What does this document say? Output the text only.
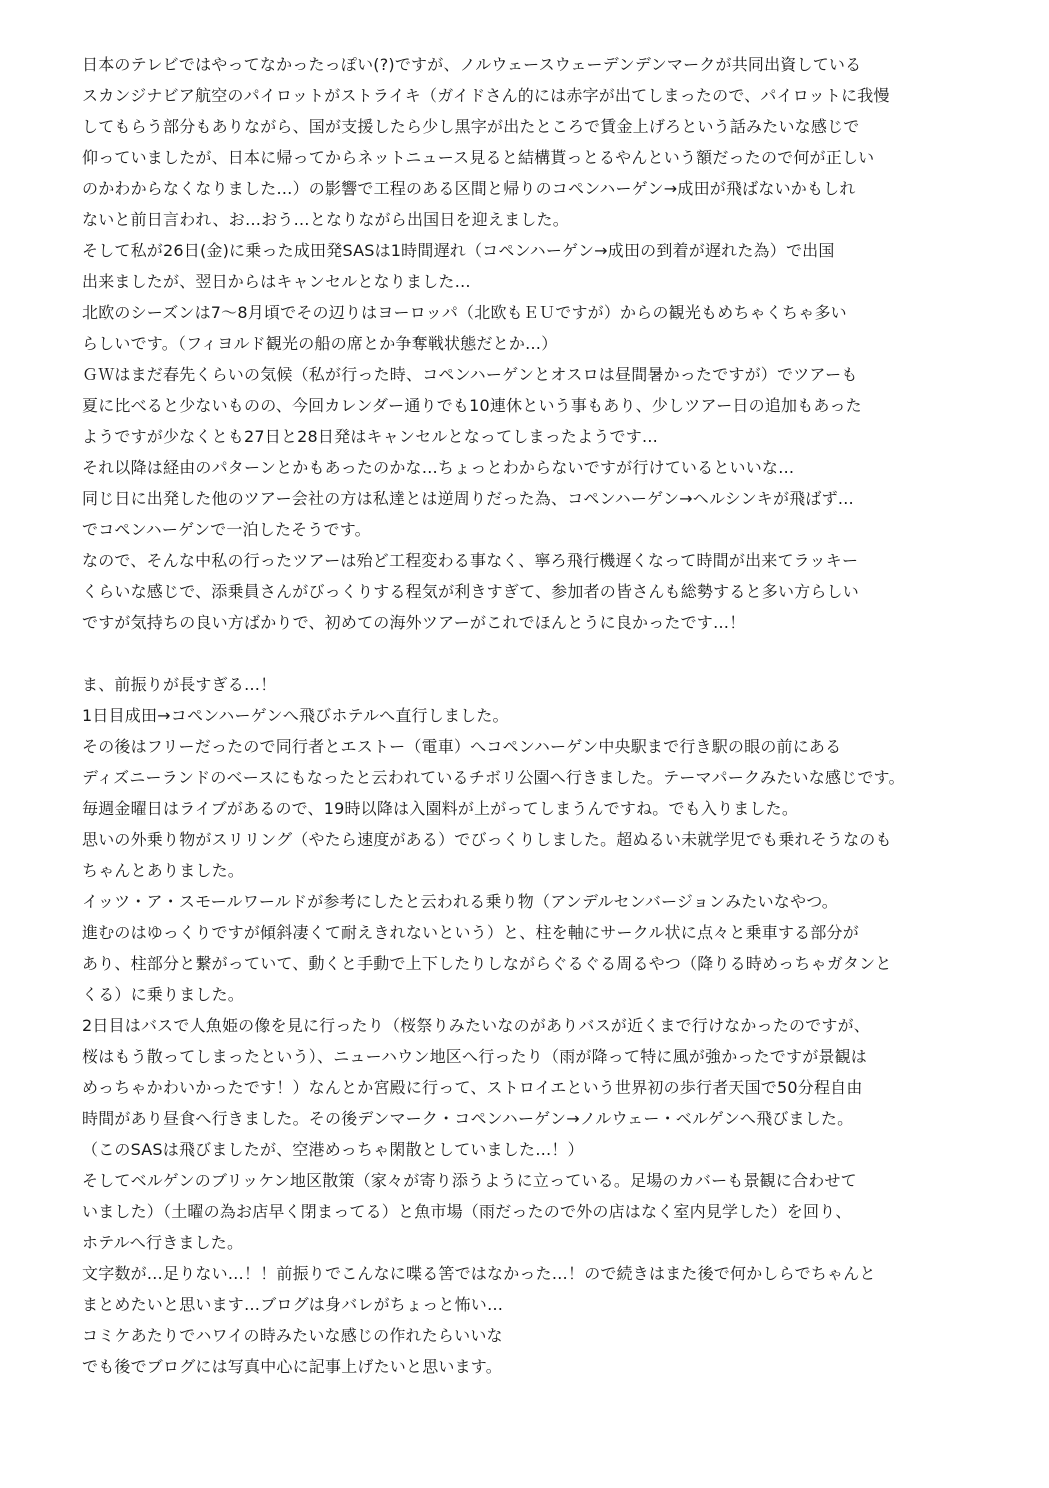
日本のテレビではやってなかったっぽい(?)ですが、ノルウェースウェーデンデンマークが共同出資している
スカンジナビア航空のパイロットがストライキ（ガイドさん的には赤字が出てしまったので、パイロットに我慢
してもらう部分もありながら、国が支援したら少し黒字が出たところで賃金上げろという話みたいな感じで
仰っていましたが、日本に帰ってからネットニュース見ると結構貰っとるやんという額だったので何が正しい
のかわからなくなりました…）の影響で工程のある区間と帰りのコペンハーゲン→成田が飛ばないかもしれ
ないと前日言われ、お…おう…となりながら出国日を迎えました。
そして私が26日(金)に乗った成田発SASは1時間遅れ（コペンハーゲン→成田の到着が遅れた為）で出国
出来ましたが、翌日からはキャンセルとなりました…
北欧のシーズンは7〜8月頃でその辺りはヨーロッパ（北欧もＥＵですが）からの観光もめちゃくちゃ多い
らしいです。（フィヨルド観光の船の席とか争奪戦状態だとか…）
ＧＷはまだ春先くらいの気候（私が行った時、コペンハーゲンとオスロは昼間暑かったですが）でツアーも
夏に比べると少ないものの、今回カレンダー通りでも10連休という事もあり、少しツアー日の追加もあった
ようですが少なくとも27日と28日発はキャンセルとなってしまったようです…
それ以降は経由のパターンとかもあったのかな…ちょっとわからないですが行けているといいな…
同じ日に出発した他のツアー会社の方は私達とは逆周りだった為、コペンハーゲン→ヘルシンキが飛ばず…
でコペンハーゲンで一泊したそうです。
なので、そんな中私の行ったツアーは殆ど工程変わる事なく、寧ろ飛行機遅くなって時間が出来てラッキー
くらいな感じで、添乗員さんがびっくりする程気が利きすぎて、参加者の皆さんも総勢すると多い方らしい
ですが気持ちの良い方ばかりで、初めての海外ツアーがこれでほんとうに良かったです…！
ま、前振りが長すぎる…！
1日目成田→コペンハーゲンへ飛びホテルへ直行しました。
その後はフリーだったので同行者とエストー（電車）へコペンハーゲン中央駅まで行き駅の眼の前にある
ディズニーランドのベースにもなったと云われているチボリ公園へ行きました。テーマパークみたいな感じです。
毎週金曜日はライブがあるので、19時以降は入園料が上がってしまうんですね。でも入りました。
思いの外乗り物がスリリング（やたら速度がある）でびっくりしました。超ぬるい未就学児でも乗れそうなのも
ちゃんとありました。
イッツ・ア・スモールワールドが参考にしたと云われる乗り物（アンデルセンバージョンみたいなやつ。
進むのはゆっくりですが傾斜凄くて耐えきれないという）と、柱を軸にサークル状に点々と乗車する部分が
あり、柱部分と繋がっていて、動くと手動で上下したりしながらぐるぐる周るやつ（降りる時めっちゃガタンと
くる）に乗りました。
2日目はバスで人魚姫の像を見に行ったり（桜祭りみたいなのがありバスが近くまで行けなかったのですが、
桜はもう散ってしまったという）、ニューハウン地区へ行ったり（雨が降って特に風が強かったですが景観は
めっちゃかわいかったです！）なんとか宮殿に行って、ストロイエという世界初の歩行者天国で50分程自由
時間があり昼食へ行きました。その後デンマーク・コペンハーゲン→ノルウェー・ベルゲンへ飛びました。
（このSASは飛びましたが、空港めっちゃ閑散としていました…！）
そしてベルゲンのブリッケン地区散策（家々が寄り添うように立っている。足場のカバーも景観に合わせて
いました）（土曜の為お店早く閉まってる）と魚市場（雨だったので外の店はなく室内見学した）を回り、
ホテルへ行きました。
文字数が…足りない…！！前振りでこんなに喋る筈ではなかった…！ので続きはまた後で何かしらでちゃんと
まとめたいと思います…ブログは身バレがちょっと怖い…
コミケあたりでハワイの時みたいな感じの作れたらいいな
でも後でブログには写真中心に記事上げたいと思います。
